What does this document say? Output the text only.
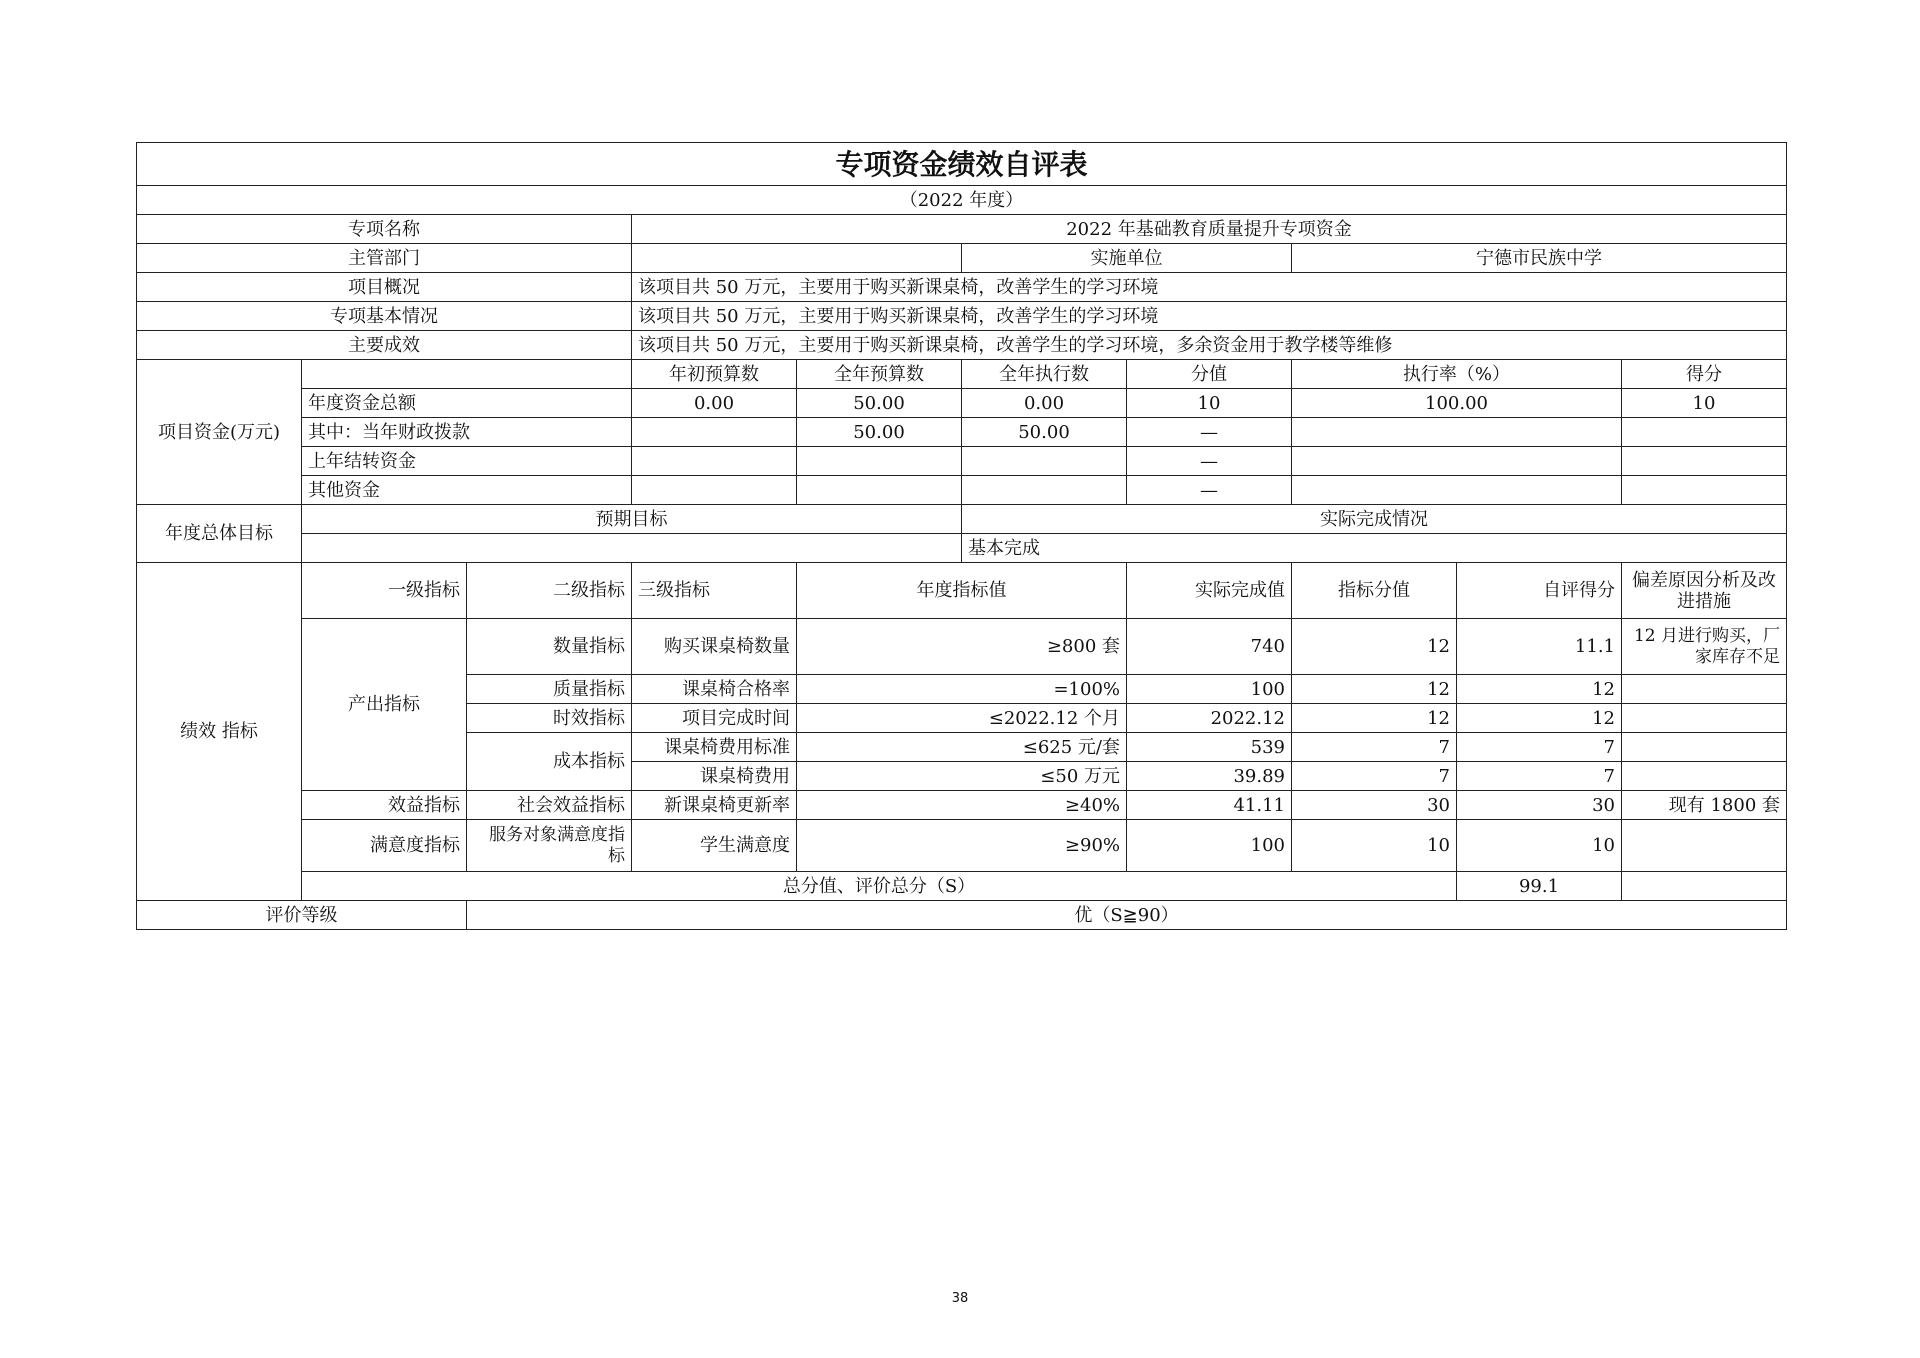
专项资金绩效自评表									
（2022 年度）									
专项名称			2022 年基础教育质量提升专项资金						
主管部门					实施单位		宁德市民族中学		
项目概况			该项目共 50 万元，主要用于购买新课桌椅，改善学生的学习环境						
专项基本情况			该项目共 50 万元，主要用于购买新课桌椅，改善学生的学习环境						
主要成效			该项目共 50 万元，主要用于购买新课桌椅，改善学生的学习环境，多余资金用于教学楼等维修						
项目资金(万元)			年初预算数	全年预算数	全年执行数	分值	执行率（%）		得分
	年度资金总额		0.00	50.00	0.00	10	100.00		10
	其中：当年财政拨款			50.00	50.00	—			
	上年结转资金					—			
	其他资金					—			
年度总体目标	预期目标				实际完成情况				
					基本完成				
绩效 指标	一级指标	二级指标	三级指标	年度指标值		实际完成值	指标分值	自评得分	偏差原因分析及改进措施
	产出指标	数量指标	购买课桌椅数量	≥800 套		740	12	11.1	12 月进行购买，厂家库存不足
		质量指标	课桌椅合格率	=100%		100	12	12	
		时效指标	项目完成时间	≤2022.12 个月		2022.12	12	12	
		成本指标	课桌椅费用标准	≤625 元/套		539	7	7	
			课桌椅费用	≤50 万元		39.89	7	7	
	效益指标	社会效益指标	新课桌椅更新率	≥40%		41.11	30	30	现有 1800 套
	满意度指标	服务对象满意度指标	学生满意度	≥90%		100	10	10	
	总分值、评价总分（S）							99.1	
评价等级		优（S≧90）							
38
